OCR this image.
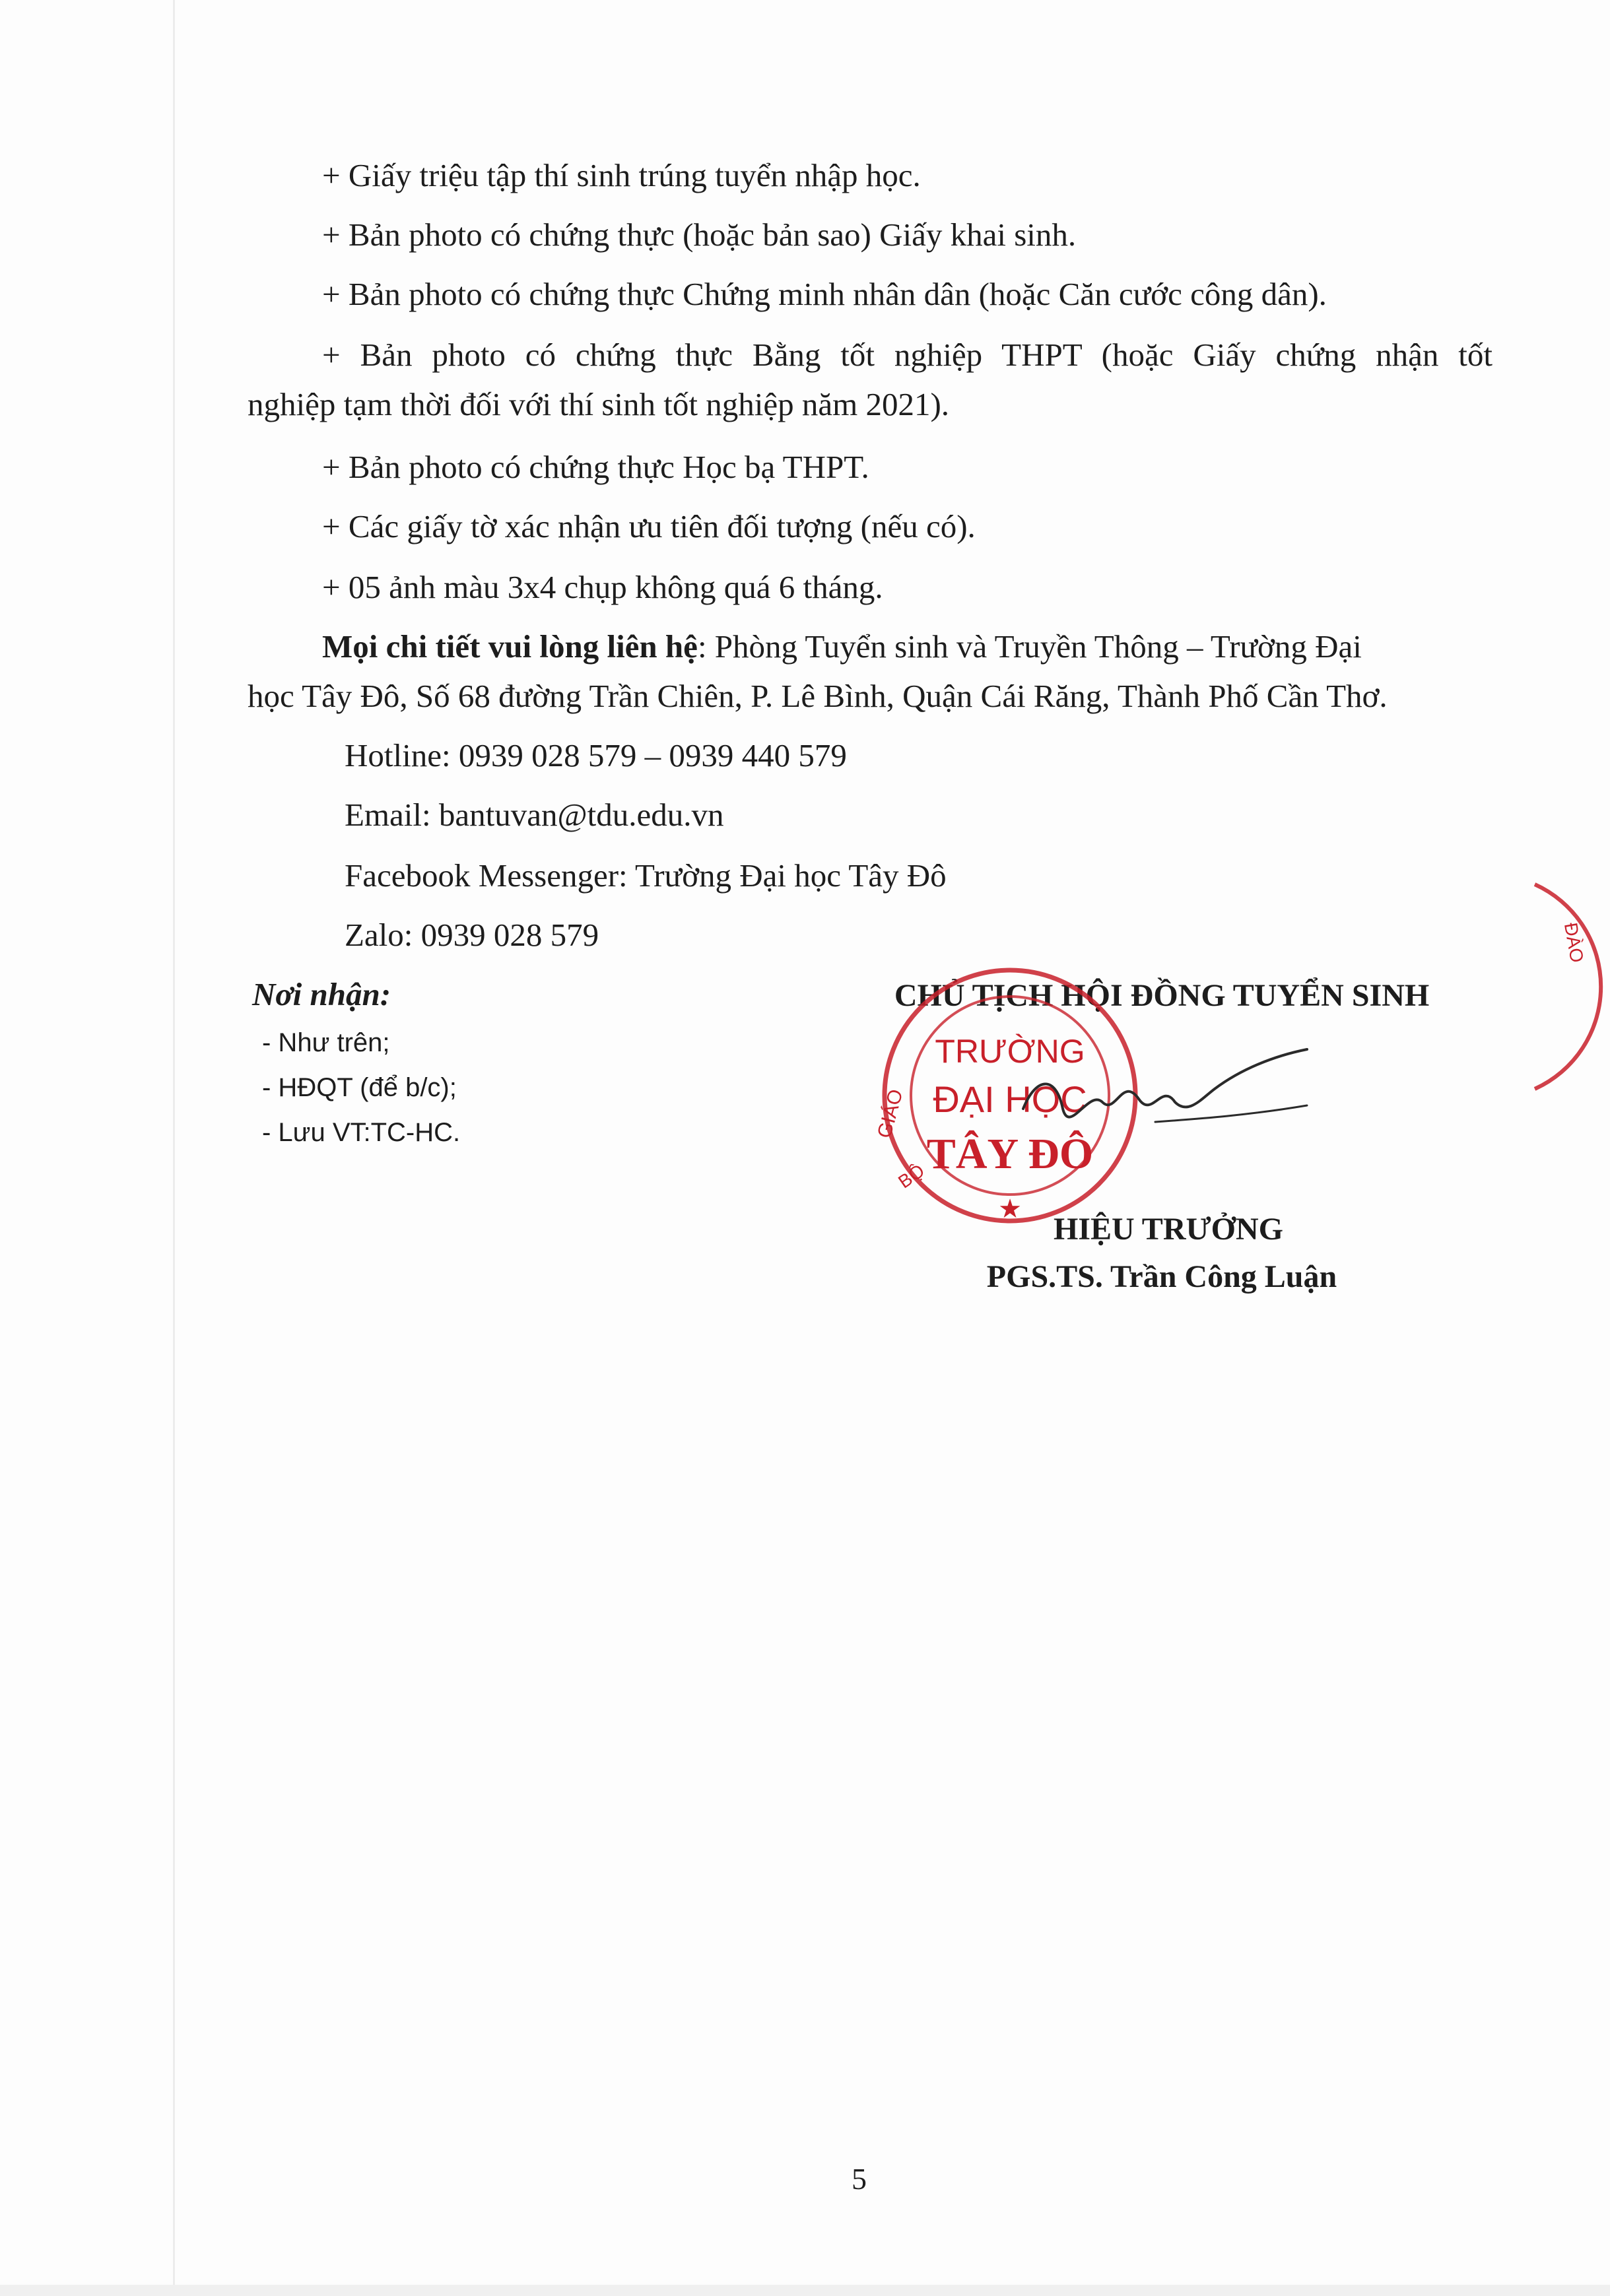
+ Giấy triệu tập thí sinh trúng tuyển nhập học.
+ Bản photo có chứng thực (hoặc bản sao) Giấy khai sinh.
+ Bản photo có chứng thực Chứng minh nhân dân (hoặc Căn cước công dân).
+ Bản photo có chứng thực Bằng tốt nghiệp THPT (hoặc Giấy chứng nhận tốt
nghiệp tạm thời đối với thí sinh tốt nghiệp năm 2021).
+ Bản photo có chứng thực Học bạ THPT.
+ Các giấy tờ xác nhận ưu tiên đối tượng (nếu có).
+ 05 ảnh màu 3x4 chụp không quá 6 tháng.
Mọi chi tiết vui lòng liên hệ: Phòng Tuyển sinh và Truyền Thông – Trường Đại
học Tây Đô, Số 68 đường Trần Chiên, P. Lê Bình, Quận Cái Răng, Thành Phố Cần Thơ.
Hotline: 0939 028 579 – 0939 440 579
Email: bantuvan@tdu.edu.vn
Facebook Messenger: Trường Đại học Tây Đô
Zalo: 0939 028 579
Nơi nhận:
- Như trên;
- HĐQT (để b/c);
- Lưu VT:TC-HC.
CHỦ TỊCH HỘI ĐỒNG TUYỂN SINH
TRƯỜNG
ĐẠI HỌC
TÂY ĐÔ
GIÁO
BỘ
★
ĐÀO
HIỆU TRƯỞNG
PGS.TS. Trần Công Luận
5
